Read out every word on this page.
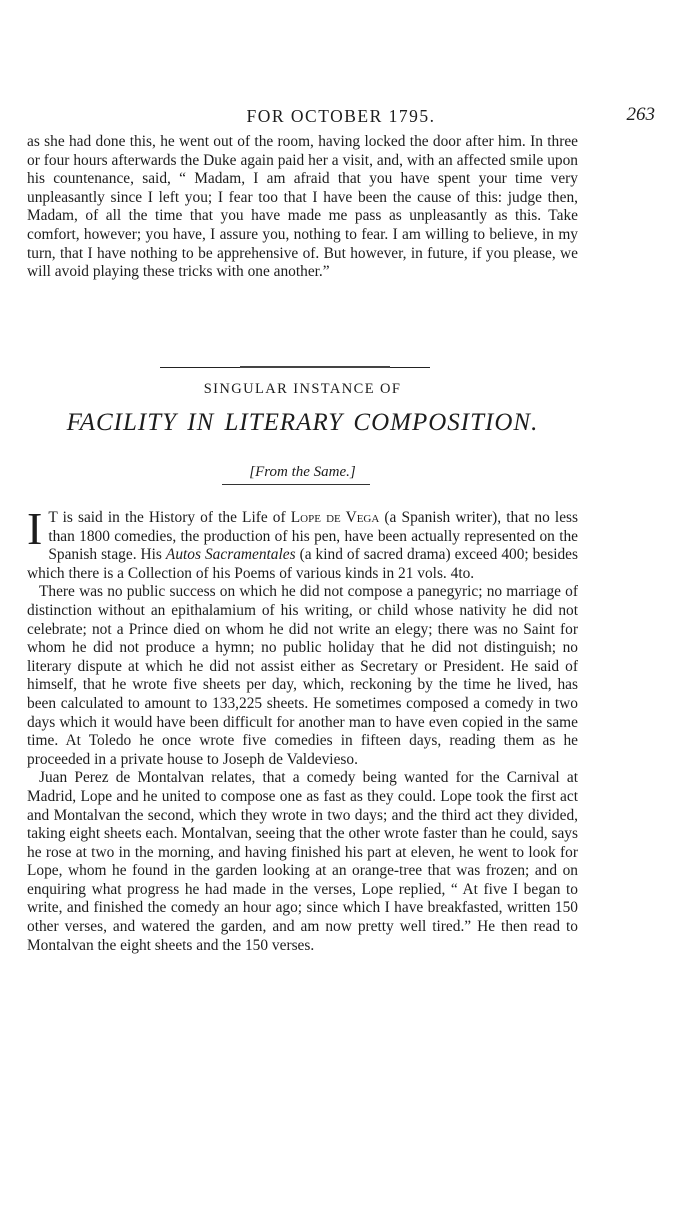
FOR OCTOBER 1795.	263

as she had done this, he went out of the room, having locked the door after him. In three or four hours afterwards the Duke again paid her a visit, and, with an affected smile upon his countenance, said, “ Madam, I am afraid that you have spent your time very unpleasantly since I left you; I fear too that I have been the cause of this: judge then, Madam, of all the time that you have made me pass as unpleasantly as this. Take comfort, however; you have, I assure you, nothing to fear. I am willing to believe, in my turn, that I have nothing to be apprehensive of. But however, in future, if you please, we will avoid playing these tricks with one another.”

SINGULAR INSTANCE OF
FACILITY IN LITERARY COMPOSITION.
[From the Same.]

I T is said in the History of the Life of Lope de Vega (a Spanish writer), that no less than 1800 comedies, the production of his pen, have been actually represented on the Spanish stage. His Autos Sacramentales (a kind of sacred drama) exceed 400; besides which there is a Collection of his Poems of various kinds in 21 vols. 4to.

There was no public success on which he did not compose a panegyric; no marriage of distinction without an epithalamium of his writing, or child whose nativity he did not celebrate; not a Prince died on whom he did not write an elegy; there was no Saint for whom he did not produce a hymn; no public holiday that he did not distinguish; no literary dispute at which he did not assist either as Secretary or President. He said of himself, that he wrote five sheets per day, which, reckoning by the time he lived, has been calculated to amount to 133,225 sheets. He sometimes composed a comedy in two days which it would have been difficult for another man to have even copied in the same time. At Toledo he once wrote five comedies in fifteen days, reading them as he proceeded in a private house to Joseph de Valdevieso.

Juan Perez de Montalvan relates, that a comedy being wanted for the Carnival at Madrid, Lope and he united to compose one as fast as they could. Lope took the first act and Montalvan the second, which they wrote in two days; and the third act they divided, taking eight sheets each. Montalvan, seeing that the other wrote faster than he could, says he rose at two in the morning, and having finished his part at eleven, he went to look for Lope, whom he found in the garden looking at an orange-tree that was frozen; and on enquiring what progress he had made in the verses, Lope replied, “ At five I began to write, and finished the comedy an hour ago; since which I have breakfasted, written 150 other verses, and watered the garden, and am now pretty well tired.” He then read to Montalvan the eight sheets and the 150 verses.
